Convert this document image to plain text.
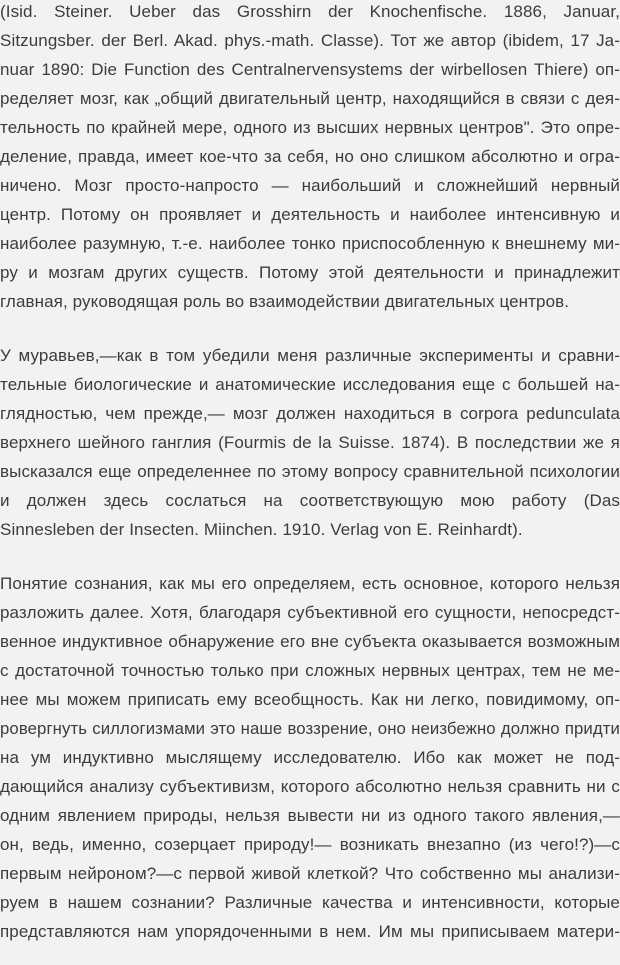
(Isid. Steiner. Ueber das Grosshirn der Knochenfische. 1886, Januar,
Sitzungsber. der Berl. Akad. phys.-math. Classe). Тот же автор (ibidem, 17 Ja-
nuar 1890: Die Function des Centralnervensystems der wirbellosen Thiere) оп-
ределяет мозг, как „общий двигательный центр, находящийся в связи с дея-
тельность по крайней мере, одного из высших нервных центров". Это опре-
деление, правда, имеет кое-что за себя, но оно слишком абсолютно и огра-
ничено. Мозг просто-напросто — наибольший и сложнейший нервный
центр. Потому он проявляет и деятельность и наиболее интенсивную и
наиболее разумную, т.-е. наиболее тонко приспособленную к внешнему ми-
ру и мозгам других существ. Потому этой деятельности и принадлежит
главная, руководящая роль во взаимодействии двигательных центров.
У муравьев,—как в том убедили меня различные эксперименты и сравни-
тельные биологические и анатомические исследования еще с большей на-
глядностью, чем прежде,— мозг должен находиться в corpora pedunculata
верхнего шейного ганглия (Fourmis de la Suisse. 1874). В последствии же я
высказался еще определеннее по этому вопросу сравнительной психологии
и должен здесь сослаться на соответствующую мою работу (Das
Sinnesleben der Insecten. Miinchen. 1910. Verlag von E. Reinhardt).
Понятие сознания, как мы его определяем, есть основное, которого нельзя
разложить далее. Хотя, благодаря субъективной его сущности, непосредст-
венное индуктивное обнаружение его вне субъекта оказывается возможным
с достаточной точностью только при сложных нервных центрах, тем не ме-
нее мы можем приписать ему всеобщность. Как ни легко, повидимому, оп-
ровергнуть силлогизмами это наше воззрение, оно неизбежно должно придти
на ум индуктивно мыслящему исследователю. Ибо как может не под-
дающийся анализу субъективизм, которого абсолютно нельзя сравнить ни с
одним явлением природы, нельзя вывести ни из одного такого явления,—
он, ведь, именно, созерцает природу!— возникать внезапно (из чего!?)—с
первым нейроном?—с первой живой клеткой? Что собственно мы анализи-
руем в нашем сознании? Различные качества и интенсивности, которые
представляются нам упорядоченными в нем. Им мы приписываем матери-
